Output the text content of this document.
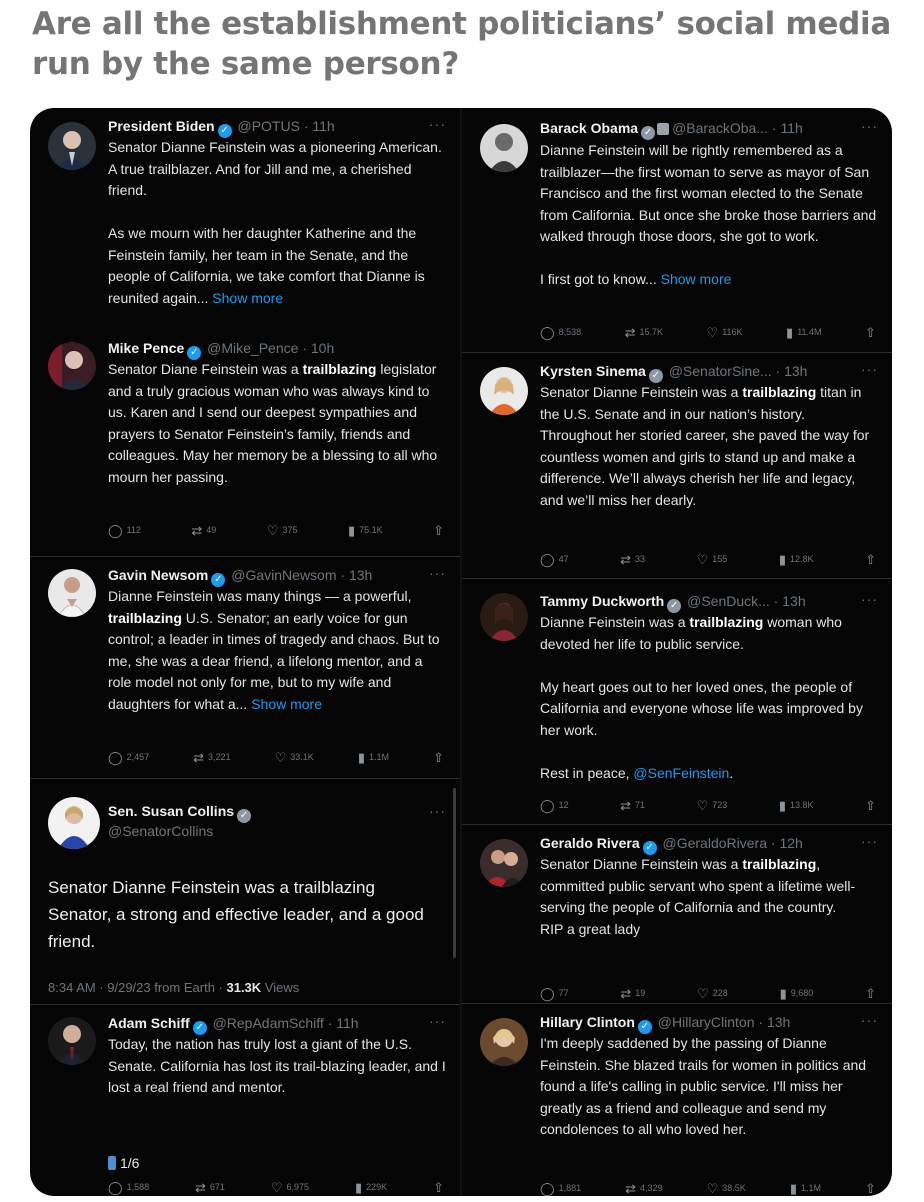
Are all the establishment politicians’ social media run by the same person?
President Biden ✓ @POTUS · 11h	···
Senator Dianne Feinstein was a pioneering American. A true trailblazer. And for Jill and me, a cherished friend.

As we mourn with her daughter Katherine and the Feinstein family, her team in the Senate, and the people of California, we take comfort that Dianne is reunited again... Show more
Mike Pence ✓ @Mike_Pence · 10h
Senator Diane Feinstein was a trailblazing legislator and a truly gracious woman who was always kind to us. Karen and I send our deepest sympathies and prayers to Senator Feinstein’s family, friends and colleagues. May her memory be a blessing to all who mourn her passing.
◯ 112	⇄ 49	♡ 375	▮ 75.1K	⇧
Gavin Newsom ✓ @GavinNewsom · 13h	···
Dianne Feinstein was many things — a powerful, trailblazing U.S. Senator; an early voice for gun control; a leader in times of tragedy and chaos. But to me, she was a dear friend, a lifelong mentor, and a role model not only for me, but to my wife and daughters for what a... Show more
◯ 2,457	⇄ 3,221	♡ 33.1K	▮ 1.1M	⇧
Sen. Susan Collins ✓
@SenatorCollins
···
Senator Dianne Feinstein was a trailblazing Senator, a strong and effective leader, and a good friend.
8:34 AM · 9/29/23 from Earth · 31.3K Views
Adam Schiff ✓ @RepAdamSchiff · 11h	···
Today, the nation has truly lost a giant of the U.S. Senate. California has lost its trail-blazing leader, and I lost a real friend and mentor.
1/6
◯ 1,588	⇄ 671	♡ 6,975	▮ 229K	⇧
Barack Obama ✓ @BarackOba... · 11h	···
Dianne Feinstein will be rightly remembered as a trailblazer—the first woman to serve as mayor of San Francisco and the first woman elected to the Senate from California. But once she broke those barriers and walked through those doors, she got to work.

I first got to know... Show more
◯ 8,538	⇄ 15.7K	♡ 116K	▮ 11.4M	⇧
Kyrsten Sinema ✓ @SenatorSine... · 13h	···
Senator Dianne Feinstein was a trailblazing titan in the U.S. Senate and in our nation’s history. Throughout her storied career, she paved the way for countless women and girls to stand up and make a difference. We’ll always cherish her life and legacy, and we’ll miss her dearly.
◯ 47	⇄ 33	♡ 155	▮ 12.8K	⇧
Tammy Duckworth ✓ @SenDuck... · 13h	···
Dianne Feinstein was a trailblazing woman who devoted her life to public service.

My heart goes out to her loved ones, the people of California and everyone whose life was improved by her work.

Rest in peace, @SenFeinstein.
◯ 12	⇄ 71	♡ 723	▮ 13.8K	⇧
Geraldo Rivera ✓ @GeraldoRivera · 12h	···
Senator Dianne Feinstein was a trailblazing, committed public servant who spent a lifetime well-serving the people of California and the country.
RIP a great lady
◯ 77	⇄ 19	♡ 228	▮ 9,680	⇧
Hillary Clinton ✓ @HillaryClinton · 13h	···
I'm deeply saddened by the passing of Dianne Feinstein. She blazed trails for women in politics and found a life's calling in public service. I'll miss her greatly as a friend and colleague and send my condolences to all who loved her.
◯ 1,881	⇄ 4,329	♡ 38.5K	▮ 1.1M	⇧
